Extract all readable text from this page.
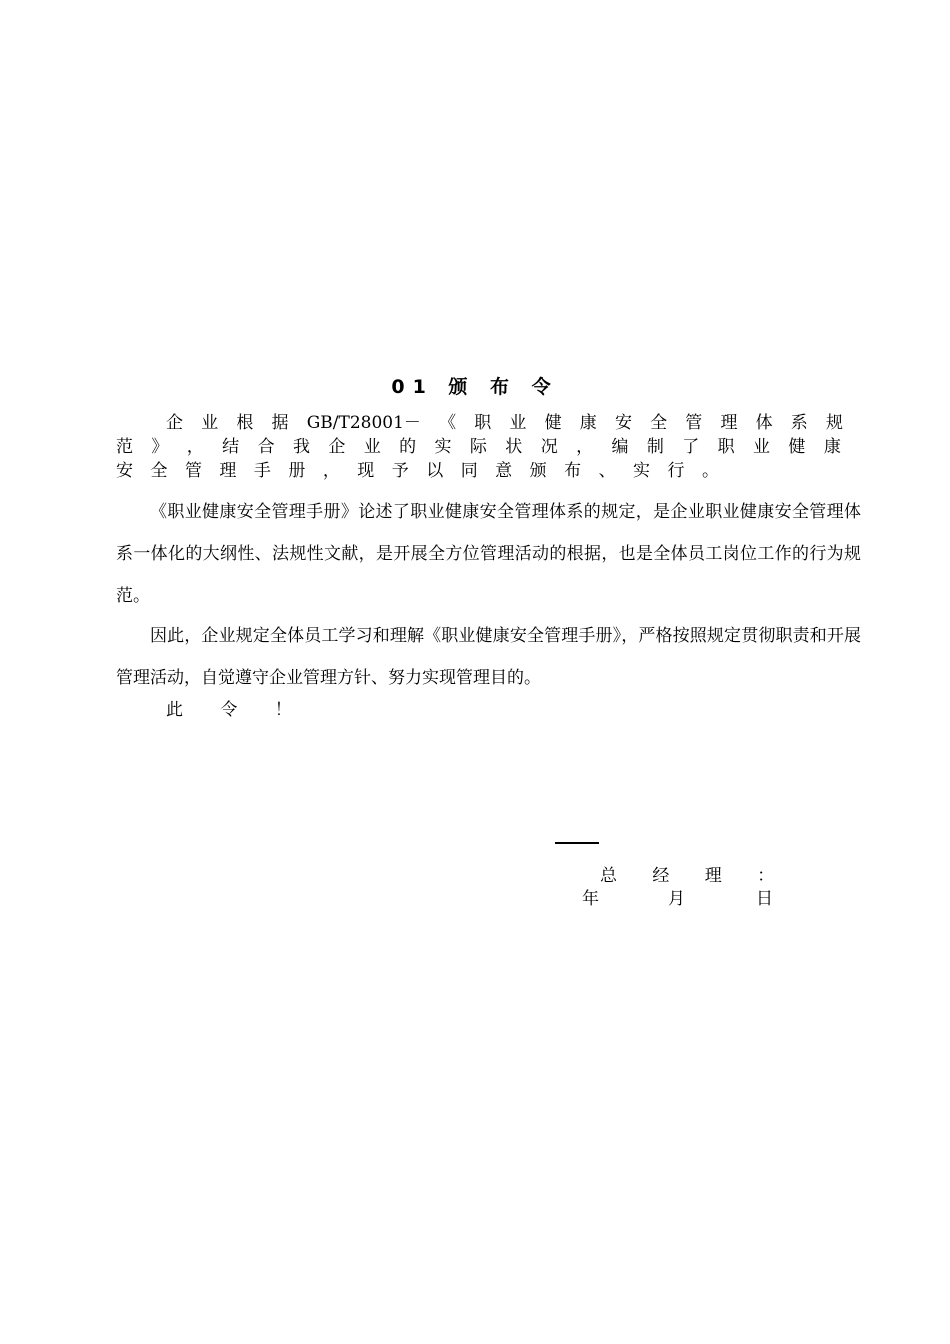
01 颁 布 令
企 业 根 据 GB/T28001－ 《 职 业 健 康 安 全 管 理 体 系 规
范 》 ， 结 合 我 企 业 的 实 际 状 况 ， 编 制 了 职 业 健 康
安 全 管 理 手 册 ， 现 予 以 同 意 颁 布 、 实 行 。
《职业健康安全管理手册》论述了职业健康安全管理体系的规定，是企业职业健康安全管理体系一体化的大纲性、法规性文献，是开展全方位管理活动的根据，也是全体员工岗位工作的行为规范。
因此，企业规定全体员工学习和理解《职业健康安全管理手册》，严格按照规定贯彻职责和开展管理活动，自觉遵守企业管理方针、努力实现管理目的。
此 令 ！
总 经 理 ：
年	月	日
